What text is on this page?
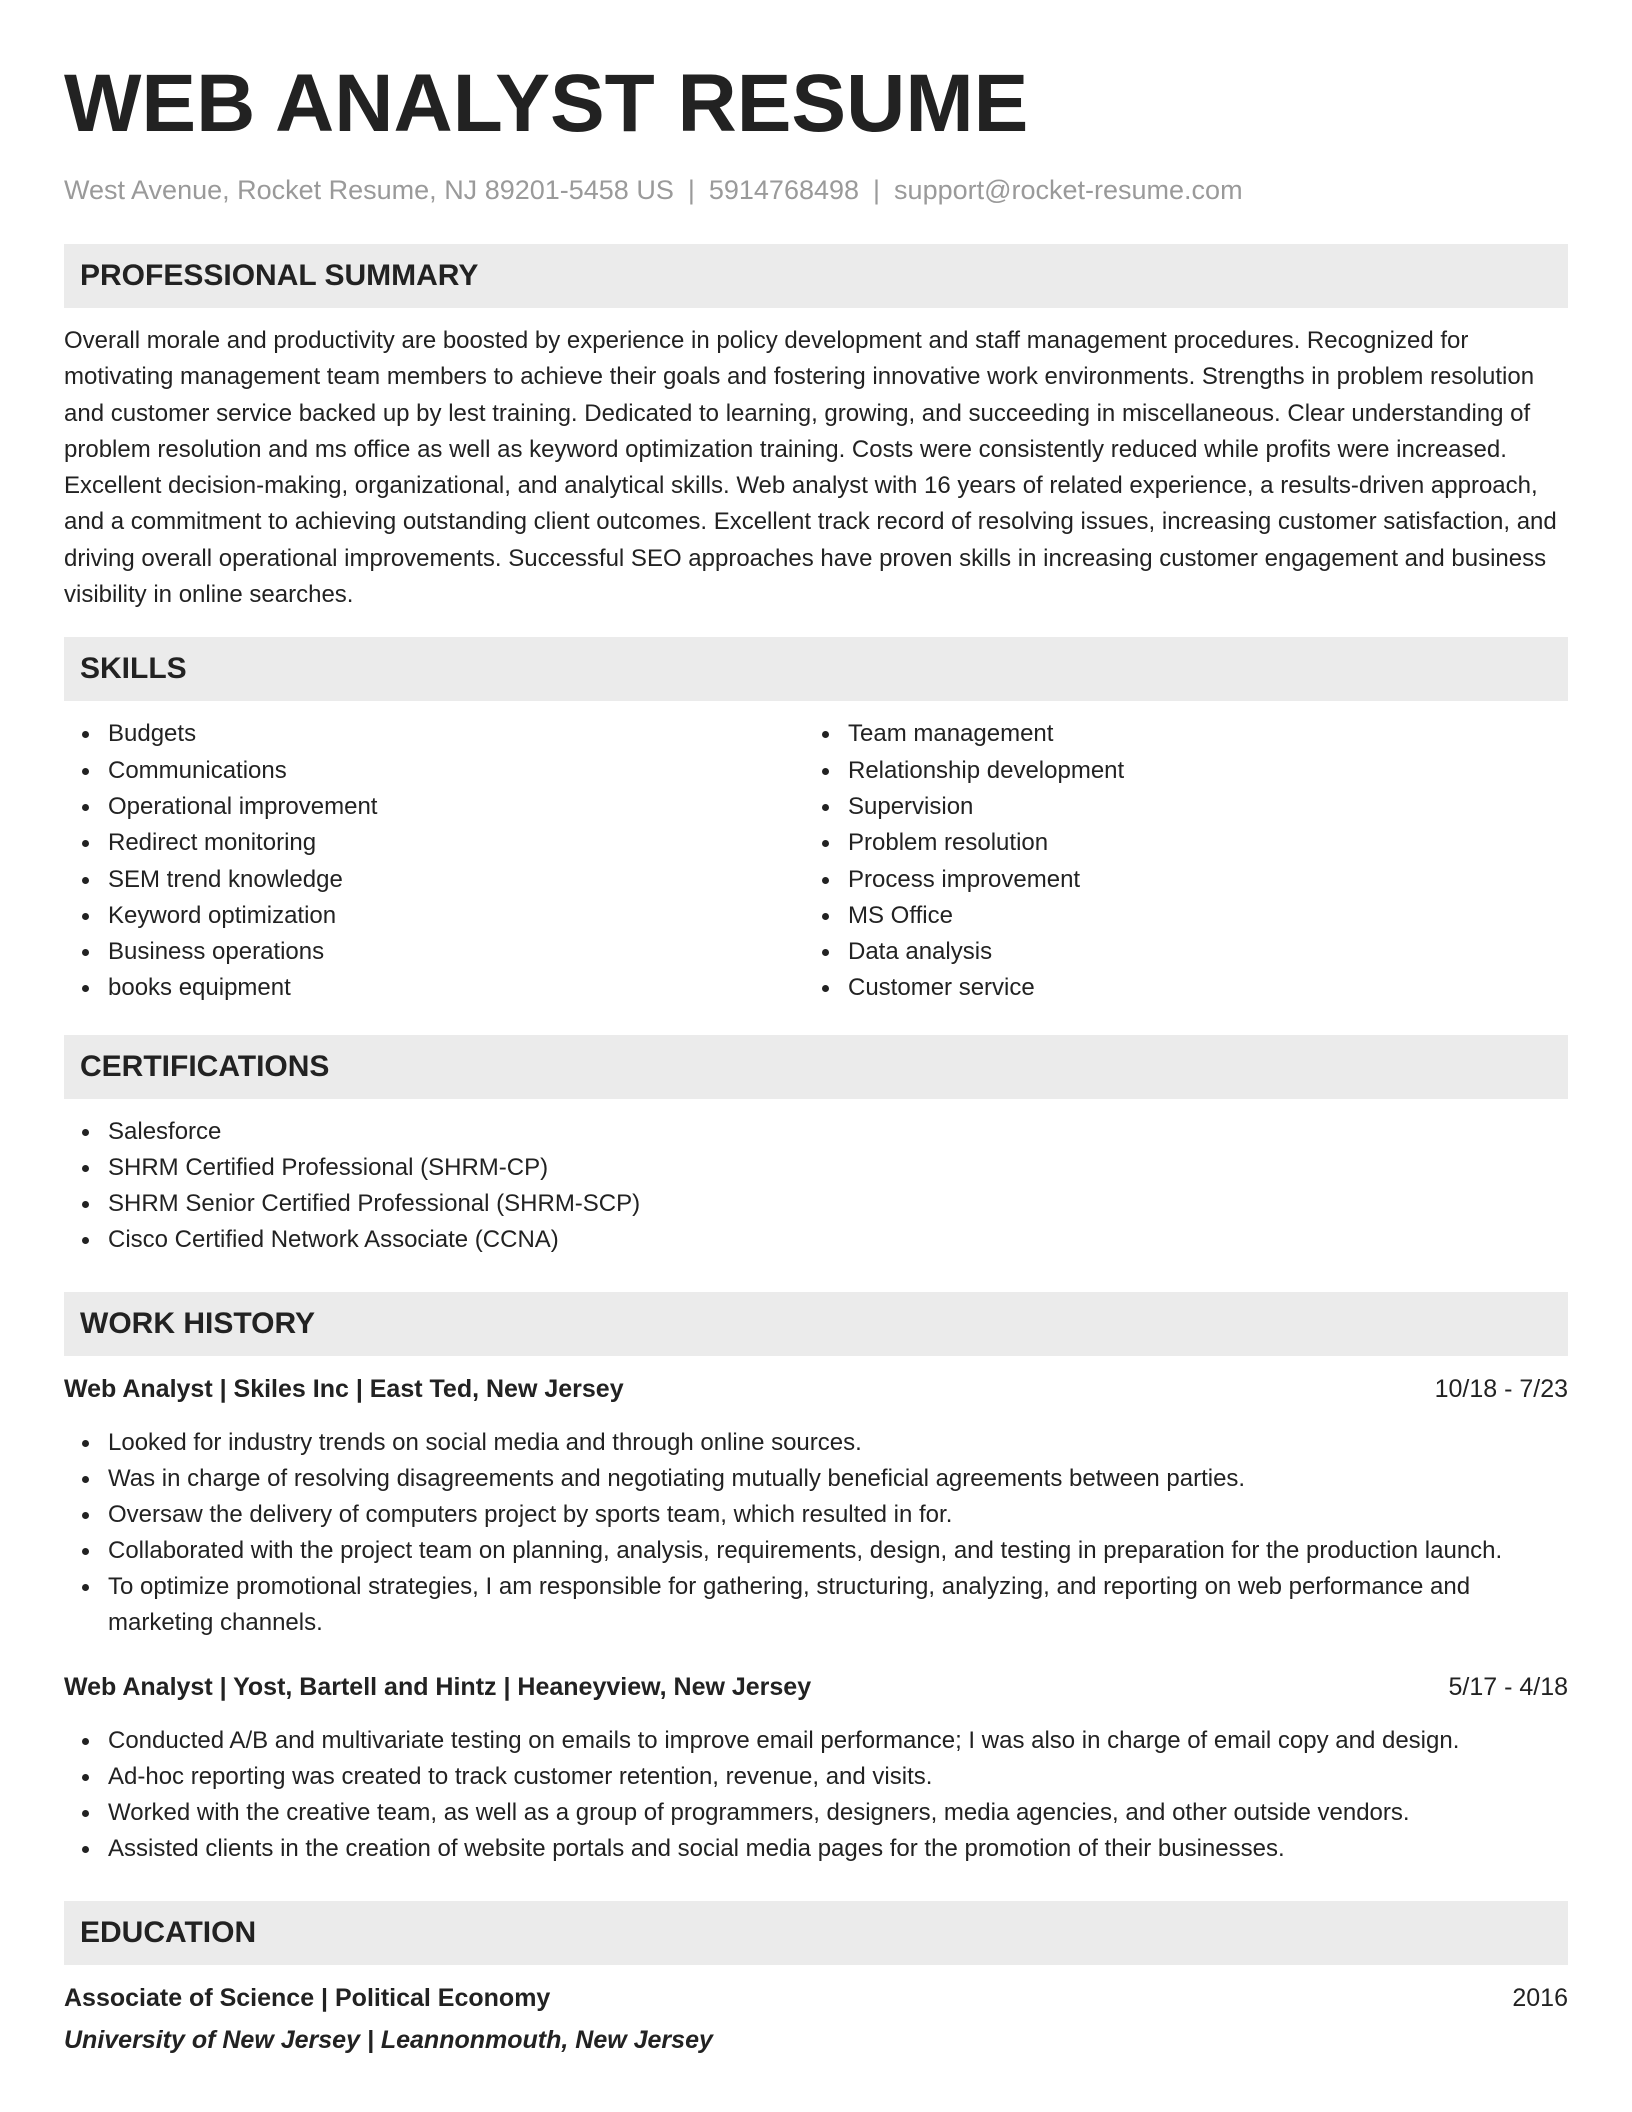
WEB ANALYST RESUME
West Avenue, Rocket Resume, NJ 89201-5458 US | 5914768498 | support@rocket-resume.com
PROFESSIONAL SUMMARY
Overall morale and productivity are boosted by experience in policy development and staff management procedures. Recognized for motivating management team members to achieve their goals and fostering innovative work environments. Strengths in problem resolution and customer service backed up by lest training. Dedicated to learning, growing, and succeeding in miscellaneous. Clear understanding of problem resolution and ms office as well as keyword optimization training. Costs were consistently reduced while profits were increased. Excellent decision-making, organizational, and analytical skills. Web analyst with 16 years of related experience, a results-driven approach, and a commitment to achieving outstanding client outcomes. Excellent track record of resolving issues, increasing customer satisfaction, and driving overall operational improvements. Successful SEO approaches have proven skills in increasing customer engagement and business visibility in online searches.
SKILLS
Budgets
Communications
Operational improvement
Redirect monitoring
SEM trend knowledge
Keyword optimization
Business operations
books equipment
Team management
Relationship development
Supervision
Problem resolution
Process improvement
MS Office
Data analysis
Customer service
CERTIFICATIONS
Salesforce
SHRM Certified Professional (SHRM-CP)
SHRM Senior Certified Professional (SHRM-SCP)
Cisco Certified Network Associate (CCNA)
WORK HISTORY
Web Analyst | Skiles Inc | East Ted, New Jersey	10/18 - 7/23
Looked for industry trends on social media and through online sources.
Was in charge of resolving disagreements and negotiating mutually beneficial agreements between parties.
Oversaw the delivery of computers project by sports team, which resulted in for.
Collaborated with the project team on planning, analysis, requirements, design, and testing in preparation for the production launch.
To optimize promotional strategies, I am responsible for gathering, structuring, analyzing, and reporting on web performance and marketing channels.
Web Analyst | Yost, Bartell and Hintz | Heaneyview, New Jersey	5/17 - 4/18
Conducted A/B and multivariate testing on emails to improve email performance; I was also in charge of email copy and design.
Ad-hoc reporting was created to track customer retention, revenue, and visits.
Worked with the creative team, as well as a group of programmers, designers, media agencies, and other outside vendors.
Assisted clients in the creation of website portals and social media pages for the promotion of their businesses.
EDUCATION
Associate of Science | Political Economy	2016
University of New Jersey | Leannonmouth, New Jersey
